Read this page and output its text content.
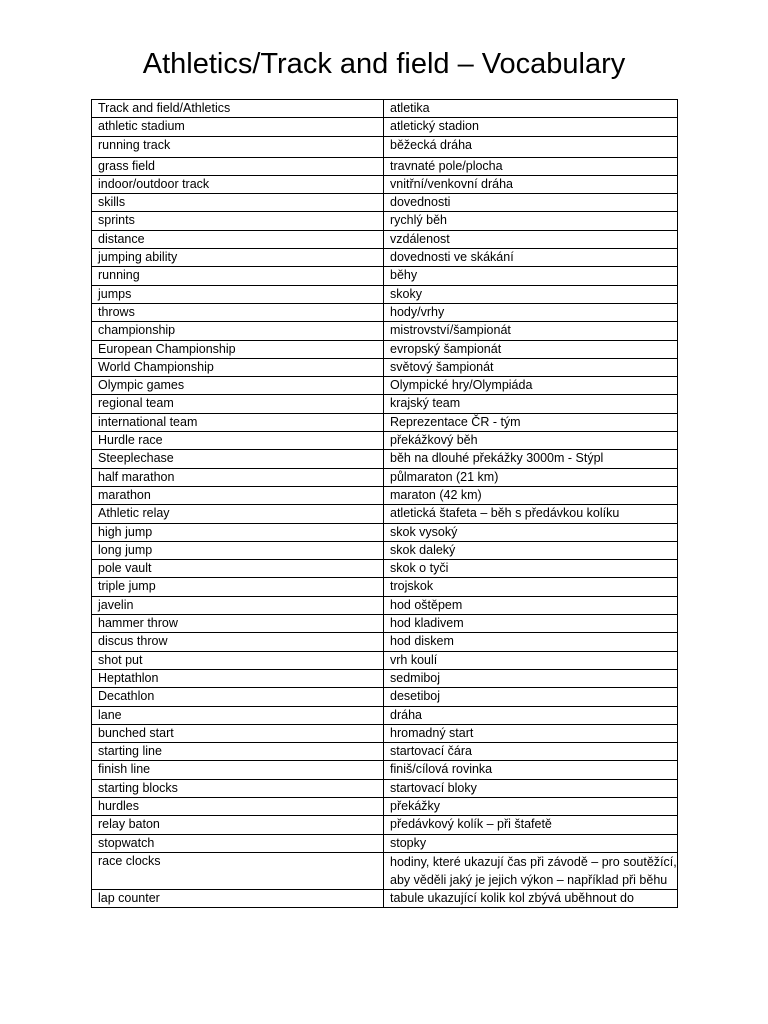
Athletics/Track and field – Vocabulary
Track and field/Athletics	atletika
athletic stadium	atletický stadion
running track	běžecká dráha
grass field	travnaté pole/plocha
indoor/outdoor track	vnitřní/venkovní dráha
skills	dovednosti
sprints	rychlý běh
distance	vzdálenost
jumping ability	dovednosti ve skákání
running	běhy
jumps	skoky
throws	hody/vrhy
championship	mistrovství/šampionát
European Championship	evropský šampionát
World Championship	světový šampionát
Olympic games	Olympické hry/Olympiáda
regional team	krajský team
international team	Reprezentace ČR - tým
Hurdle race	překážkový běh
Steeplechase	běh na dlouhé překážky 3000m - Stýpl
half marathon	půlmaraton (21 km)
marathon	maraton (42 km)
Athletic relay	atletická štafeta – běh s předávkou kolíku
high jump	skok vysoký
long jump	skok daleký
pole vault	skok o tyči
triple jump	trojskok
javelin	hod oštěpem
hammer throw	hod kladivem
discus throw	hod diskem
shot put	vrh koulí
Heptathlon	sedmiboj
Decathlon	desetiboj
lane	dráha
bunched start	hromadný start
starting line	startovací čára
finish line	finiš/cílová rovinka
starting blocks	startovací bloky
hurdles	překážky
relay baton	předávkový kolík – při štafetě
stopwatch	stopky
race clocks	hodiny, které ukazují čas při závodě – pro soutěžící, aby věděli jaký je jejich výkon – například při běhu
lap counter	tabule ukazující kolik kol zbývá uběhnout do
